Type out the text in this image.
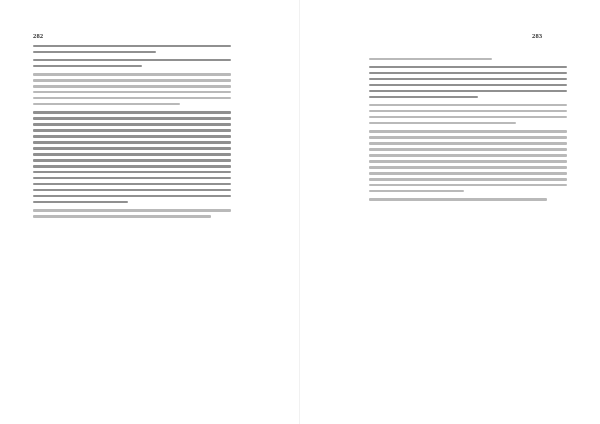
282	283
